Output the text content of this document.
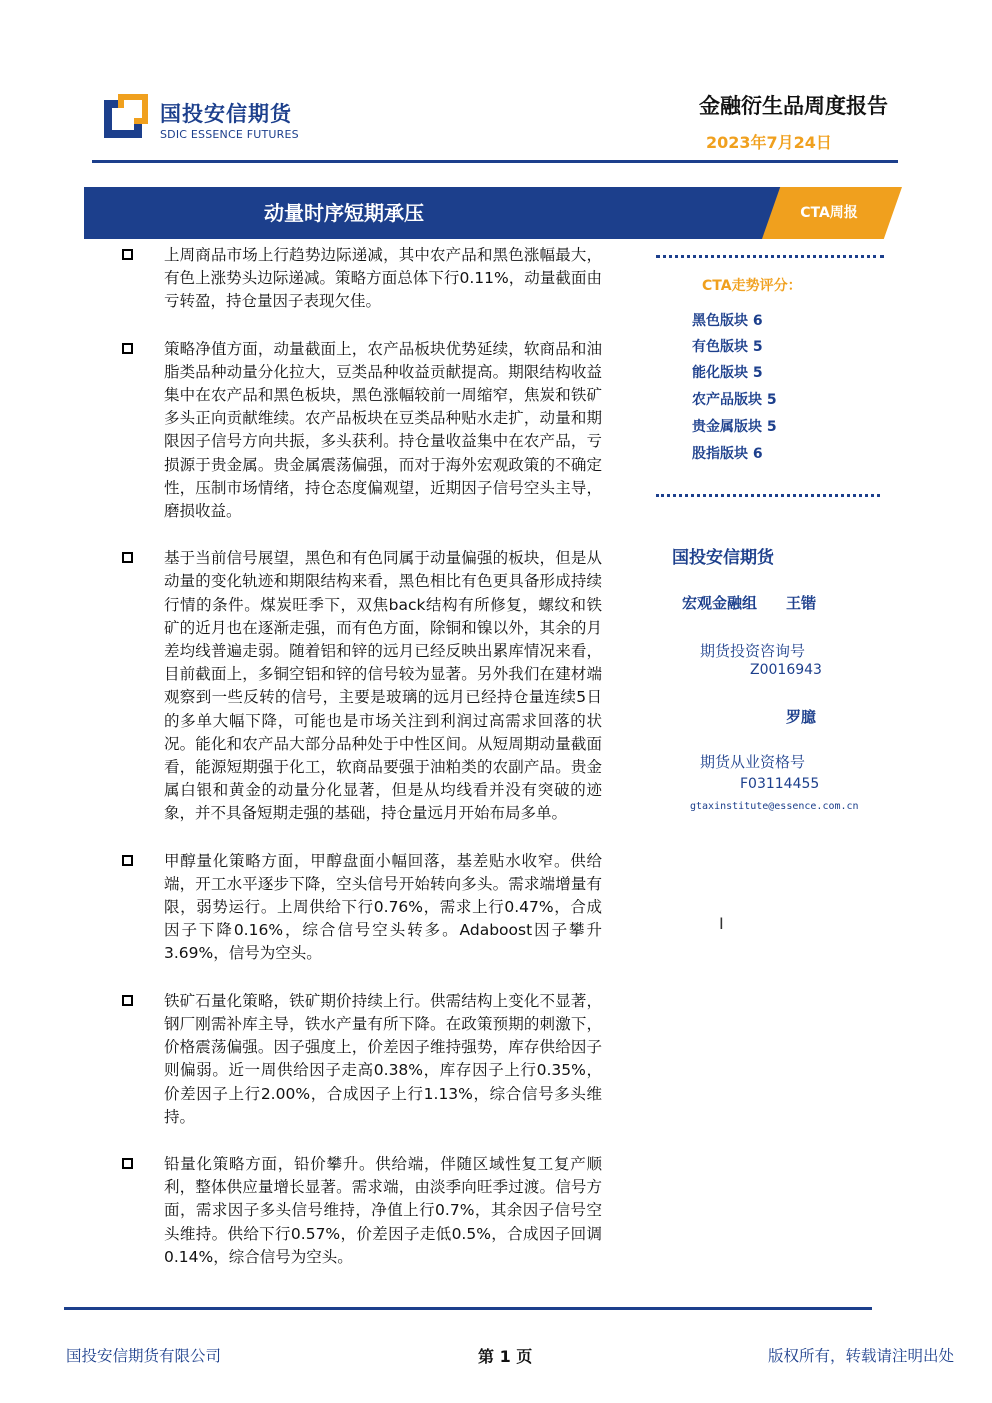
国投安信期货
SDIC ESSENCE FUTURES
金融衍生品周度报告
2023年7月24日
动量时序短期承压	CTA周报
上周商品市场上行趋势边际递减，其中农产品和黑色涨幅最大，有色上涨势头边际递减。策略方面总体下行0.11%，动量截面由亏转盈，持仓量因子表现欠佳。
策略净值方面，动量截面上，农产品板块优势延续，软商品和油脂类品种动量分化拉大，豆类品种收益贡献提高。期限结构收益集中在农产品和黑色板块，黑色涨幅较前一周缩窄，焦炭和铁矿多头正向贡献维续。农产品板块在豆类品种贴水走扩，动量和期限因子信号方向共振，多头获利。持仓量收益集中在农产品，亏损源于贵金属。贵金属震荡偏强，而对于海外宏观政策的不确定性，压制市场情绪，持仓态度偏观望，近期因子信号空头主导，磨损收益。
基于当前信号展望，黑色和有色同属于动量偏强的板块，但是从动量的变化轨迹和期限结构来看，黑色相比有色更具备形成持续行情的条件。煤炭旺季下，双焦back结构有所修复，螺纹和铁矿的近月也在逐渐走强，而有色方面，除铜和镍以外，其余的月差均线普遍走弱。随着铝和锌的远月已经反映出累库情况来看，目前截面上，多铜空铝和锌的信号较为显著。另外我们在建材端观察到一些反转的信号，主要是玻璃的远月已经持仓量连续5日的多单大幅下降，可能也是市场关注到利润过高需求回落的状况。能化和农产品大部分品种处于中性区间。从短周期动量截面看，能源短期强于化工，软商品要强于油粕类的农副产品。贵金属白银和黄金的动量分化显著，但是从均线看并没有突破的迹象，并不具备短期走强的基础，持仓量远月开始布局多单。
甲醇量化策略方面，甲醇盘面小幅回落，基差贴水收窄。供给端，开工水平逐步下降，空头信号开始转向多头。需求端增量有限，弱势运行。上周供给下行0.76%，需求上行0.47%，合成因子下降0.16%，综合信号空头转多。Adaboost因子攀升3.69%，信号为空头。
铁矿石量化策略，铁矿期价持续上行。供需结构上变化不显著，钢厂刚需补库主导，铁水产量有所下降。在政策预期的刺激下，价格震荡偏强。因子强度上，价差因子维持强势，库存供给因子则偏弱。近一周供给因子走高0.38%，库存因子上行0.35%，价差因子上行2.00%，合成因子上行1.13%，综合信号多头维持。
铅量化策略方面，铅价攀升。供给端，伴随区域性复工复产顺利，整体供应量增长显著。需求端，由淡季向旺季过渡。信号方面，需求因子多头信号维持，净值上行0.7%，其余因子信号空头维持。供给下行0.57%，价差因子走低0.5%，合成因子回调0.14%，综合信号为空头。
CTA走势评分：
黑色版块 6
有色版块 5
能化版块 5
农产品版块 5
贵金属版块 5
股指版块 6
国投安信期货
宏观金融组 王锴
期货投资咨询号
Z0016943
罗臆
期货从业资格号
F03114455
gtaxinstitute@essence.com.cn
I
国投安信期货有限公司	第 1 页	版权所有，转载请注明出处
